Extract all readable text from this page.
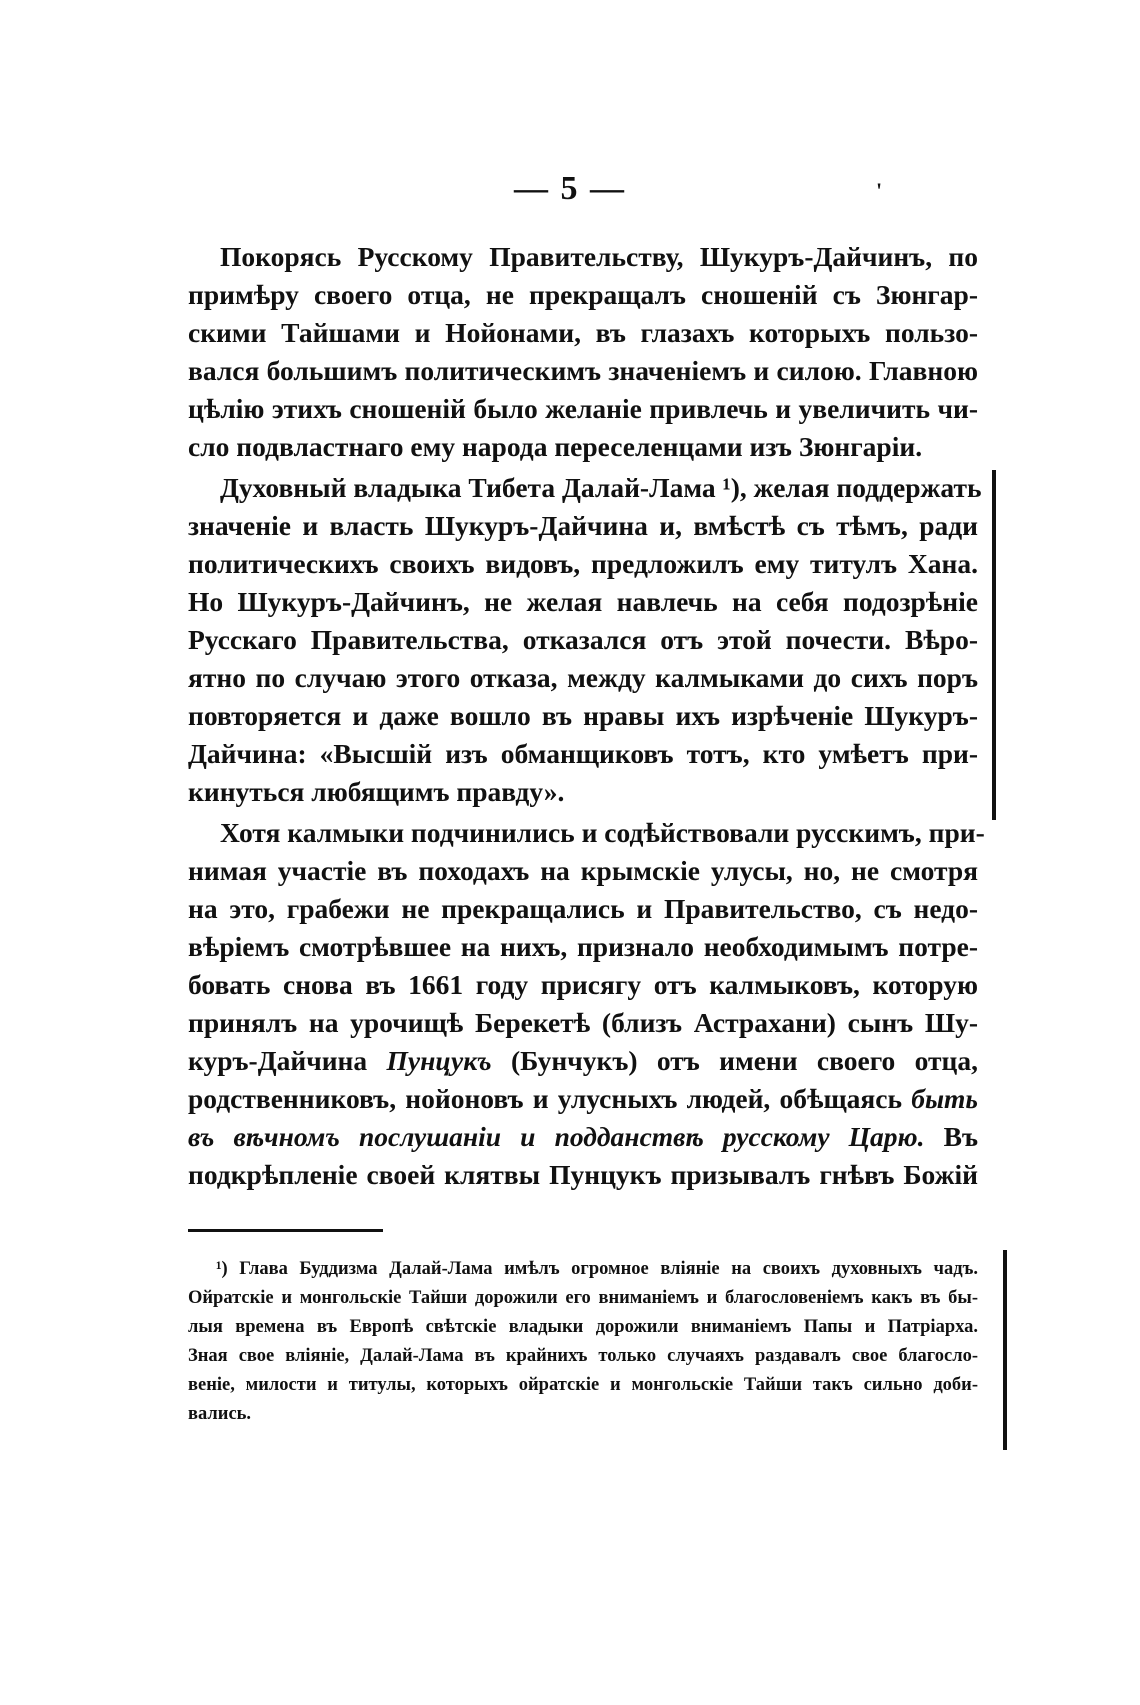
— 5 —	'
Покорясь Русскому Правительству, Шукуръ-Дайчинъ, по
примѣру своего отца, не прекращалъ сношеній съ Зюнгар-
скими Тайшами и Нойонами, въ глазахъ которыхъ пользо-
вался большимъ политическимъ значеніемъ и силою. Главною
цѣлію этихъ сношеній было желаніе привлечь и увеличить чи-
сло подвластнаго ему народа переселенцами изъ Зюнгаріи.
Духовный владыка Тибета Далай-Лама ¹), желая поддержать
значеніе и власть Шукуръ-Дайчина и, вмѣстѣ съ тѣмъ, ради
политическихъ своихъ видовъ, предложилъ ему титулъ Хана.
Но Шукуръ-Дайчинъ, не желая навлечь на себя подозрѣніе
Русскаго Правительства, отказался отъ этой почести. Вѣро-
ятно по случаю этого отказа, между калмыками до сихъ поръ
повторяется и даже вошло въ нравы ихъ изрѣченіе Шукуръ-
Дайчина: «Высшій изъ обманщиковъ тотъ, кто умѣетъ при-
кинуться любящимъ правду».
Хотя калмыки подчинились и содѣйствовали русскимъ, при-
нимая участіе въ походахъ на крымскіе улусы, но, не смотря
на это, грабежи не прекращались и Правительство, съ недо-
вѣріемъ смотрѣвшее на нихъ, признало необходимымъ потре-
бовать снова въ 1661 году присягу отъ калмыковъ, которую
принялъ на урочищѣ Берекетѣ (близъ Астрахани) сынъ Шу-
куръ-Дайчина Пунцукъ (Бунчукъ) отъ имени своего отца,
родственниковъ, нойоновъ и улусныхъ людей, обѣщаясь быть
въ вѣчномъ послушаніи и подданствѣ русскому Царю. Въ
подкрѣпленіе своей клятвы Пунцукъ призывалъ гнѣвъ Божій
¹) Глава Буддизма Далай-Лама имѣлъ огромное вліяніе на своихъ духовныхъ чадъ.
Ойратскіе и монгольскіе Тайши дорожили его вниманіемъ и благословеніемъ какъ въ бы-
лыя времена въ Европѣ свѣтскіе владыки дорожили вниманіемъ Папы и Патріарха.
Зная свое вліяніе, Далай-Лама въ крайнихъ только случаяхъ раздавалъ свое благосло-
веніе, милости и титулы, которыхъ ойратскіе и монгольскіе Тайши такъ сильно доби-
вались.
